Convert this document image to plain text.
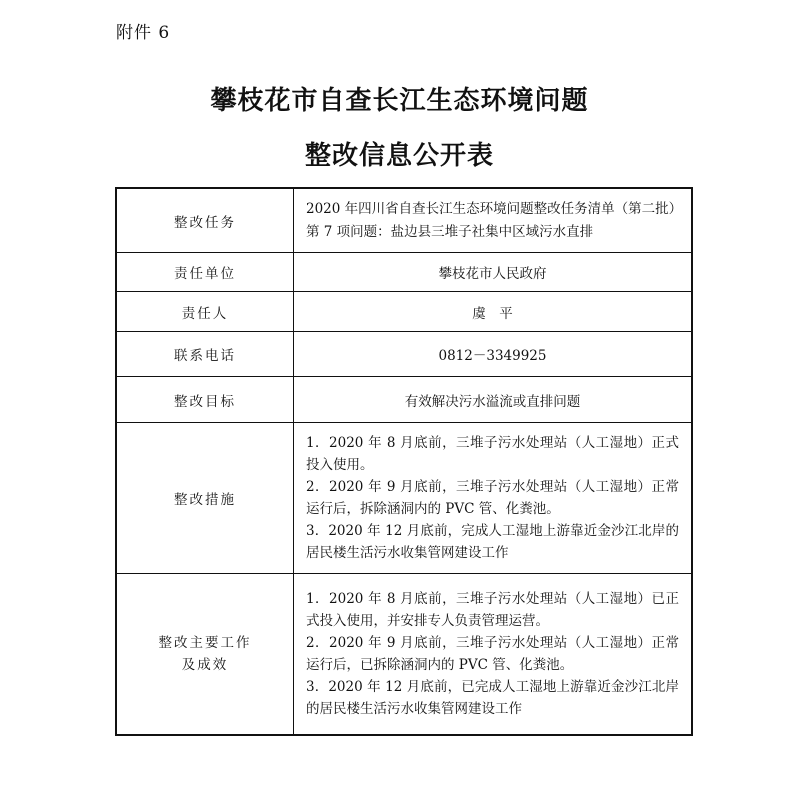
附件 6
攀枝花市自查长江生态环境问题
整改信息公开表
整改任务	2020 年四川省自查长江生态环境问题整改任务清单（第二批）第 7 项问题：盐边县三堆子社集中区域污水直排

责任单位	攀枝花市人民政府
责任人	虞　平
联系电话	0812－3349925
整改目标	有效解决污水溢流或直排问题
整改措施	1．2020 年 8 月底前，三堆子污水处理站（人工湿地）正式投入使用。
2．2020 年 9 月底前，三堆子污水处理站（人工湿地）正常运行后，拆除涵洞内的 PVC 管、化粪池。
3．2020 年 12 月底前，完成人工湿地上游靠近金沙江北岸的居民楼生活污水收集管网建设工作

整改主要工作
及成效	1．2020 年 8 月底前，三堆子污水处理站（人工湿地）已正式投入使用，并安排专人负责管理运营。
2．2020 年 9 月底前，三堆子污水处理站（人工湿地）正常运行后，已拆除涵洞内的 PVC 管、化粪池。
3．2020 年 12 月底前，已完成人工湿地上游靠近金沙江北岸的居民楼生活污水收集管网建设工作
